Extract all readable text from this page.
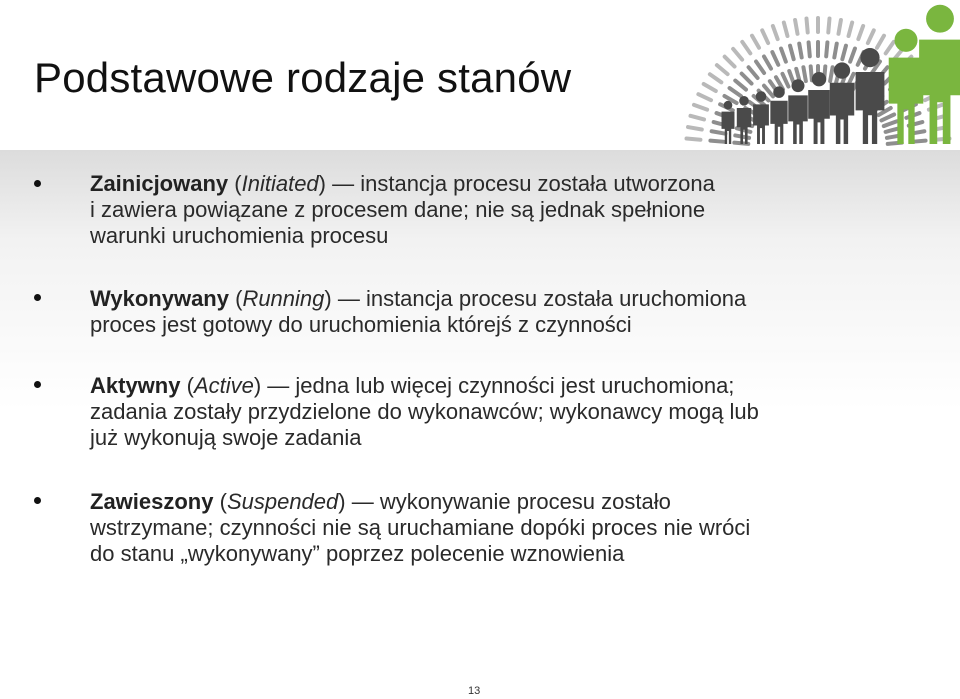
Podstawowe rodzaje stanów
Zainicjowany (Initiated) — instancja procesu została utworzona
i zawiera powiązane z procesem dane; nie są jednak spełnione
warunki uruchomienia procesu
Wykonywany (Running) — instancja procesu została uruchomiona
proces jest gotowy do uruchomienia którejś z czynności
Aktywny (Active) — jedna lub więcej czynności jest uruchomiona;
zadania zostały przydzielone do wykonawców; wykonawcy mogą lub
już wykonują swoje zadania
Zawieszony (Suspended) — wykonywanie procesu zostało
wstrzymane; czynności nie są uruchamiane dopóki proces nie wróci
do stanu „wykonywany” poprzez polecenie wznowienia
13
